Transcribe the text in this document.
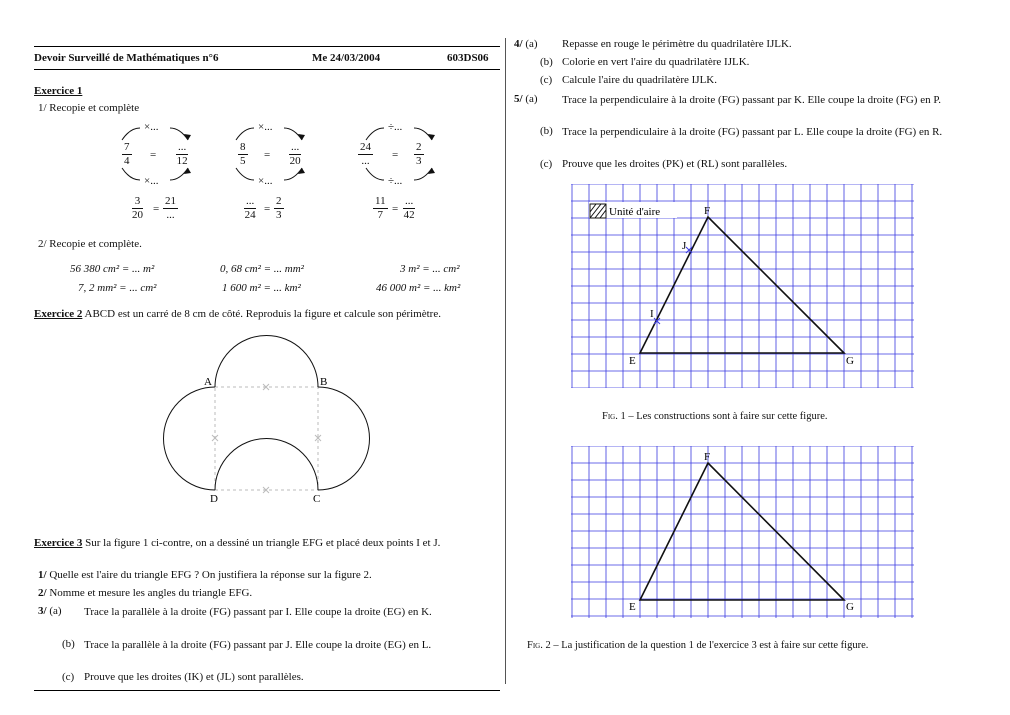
Devoir Surveillé de Mathématiques n°6	Me 24/03/2004	603DS06
Exercice 1
1/ Recopie et complète
×...
×...
$\frac{7}{4}$ =
...
12
×...
×...
$\frac{8}{5}$ =
...
20
÷...
÷...
24
...	= $\frac{2}{3}$
$\frac{3}{20}$ =
21
...
...
$24 = \frac{2}{3}$	$\frac{11}{7}$ =
...
42
2/ Recopie et complète.
56 380 cm² = ... m²	0, 68 cm² = ... mm²	3 m² = ... cm²
7, 2 mm² = ... cm²	1 600 m² = ... km²	46 000 m² = ... km²
Exercice 2 ABCD est un carré de 8 cm de côté. Reproduis la figure et calcule son périmètre.
A	B
C
D
Exercice 3 Sur la figure 1 ci-contre, on a dessiné un triangle EFG et placé deux points I et J.
1/ Quelle est l'aire du triangle EFG ? On justifiera la réponse sur la figure 2.
2/ Nomme et mesure les angles du triangle EFG.
3/ (a) Trace la parallèle à la droite (FG) passant par I. Elle coupe la droite (EG) en K.
(b) Trace la parallèle à la droite (FG) passant par J. Elle coupe la droite (EG) en L.
(c) Prouve que les droites (IK) et (JL) sont parallèles.
4/ (a) Repasse en rouge le périmètre du quadrilatère IJLK.
(b) Colorie en vert l'aire du quadrilatère IJLK.
(c) Calcule l'aire du quadrilatère IJLK.
5/ (a) Trace la perpendiculaire à la droite (FG) passant par K. Elle coupe la droite (FG) en P.
(b) Trace la perpendiculaire à la droite (FG) passant par L. Elle coupe la droite (FG) en R.
(c) Prouve que les droites (PK) et (RL) sont parallèles.
Unité d'aire	F
E	G
I
J
Fig. 1 – Les constructions sont à faire sur cette figure.
F
E	G
Fig. 2 – La justification de la question 1 de l'exercice 3 est à faire sur cette figure.
